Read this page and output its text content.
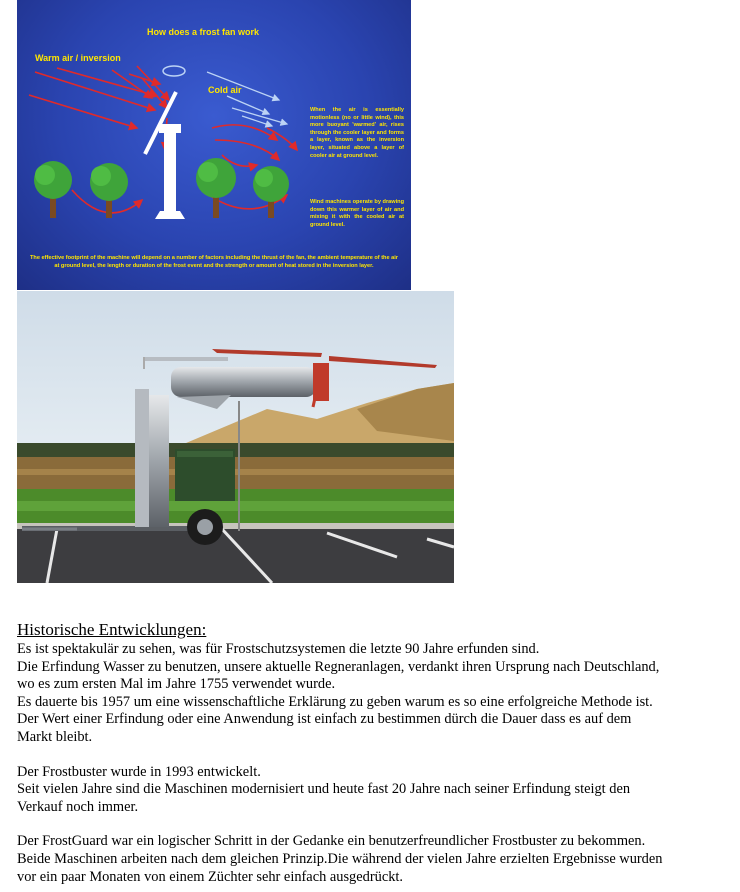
How does a frost fan work
Warm air / inversion
Cold air
When the air is essentially motionless (no or little wind), this more buoyant 'warmed' air, rises through the cooler layer and forms a layer, known as the inversion layer, situated above a layer of cooler air at ground level.
Wind machines operate by drawing down this warmer layer of air and mixing it with the cooled air at ground level.
The effective footprint of the machine will depend on a number of factors including the thrust of the fan, the ambient temperature of the air at ground level, the length or duration of the frost event and the strength or amount of heat stored in the inversion layer.
Historische Entwicklungen:
Es ist spektakulär zu sehen, was für Frostschutzsystemen die letzte 90 Jahre erfunden sind.
Die Erfindung Wasser zu benutzen, unsere aktuelle Regneranlagen, verdankt ihren Ursprung nach Deutschland,
wo es zum ersten Mal im Jahre 1755 verwendet wurde.
Es dauerte bis 1957 um eine wissenschaftliche Erklärung zu geben warum es so eine erfolgreiche Methode ist.
Der Wert einer Erfindung oder eine Anwendung ist einfach zu bestimmen dürch die Dauer dass es auf dem
Markt bleibt.
Der Frostbuster wurde in 1993 entwickelt.
Seit vielen Jahre sind die Maschinen modernisiert und heute fast 20 Jahre nach seiner Erfindung steigt den
Verkauf noch immer.
Der FrostGuard war ein logischer Schritt in der Gedanke ein benutzerfreundlicher Frostbuster zu bekommen.
Beide Maschinen arbeiten nach dem gleichen Prinzip.Die während der vielen Jahre erzielten Ergebnisse wurden
vor ein paar Monaten von einem Züchter sehr einfach ausgedrückt.
